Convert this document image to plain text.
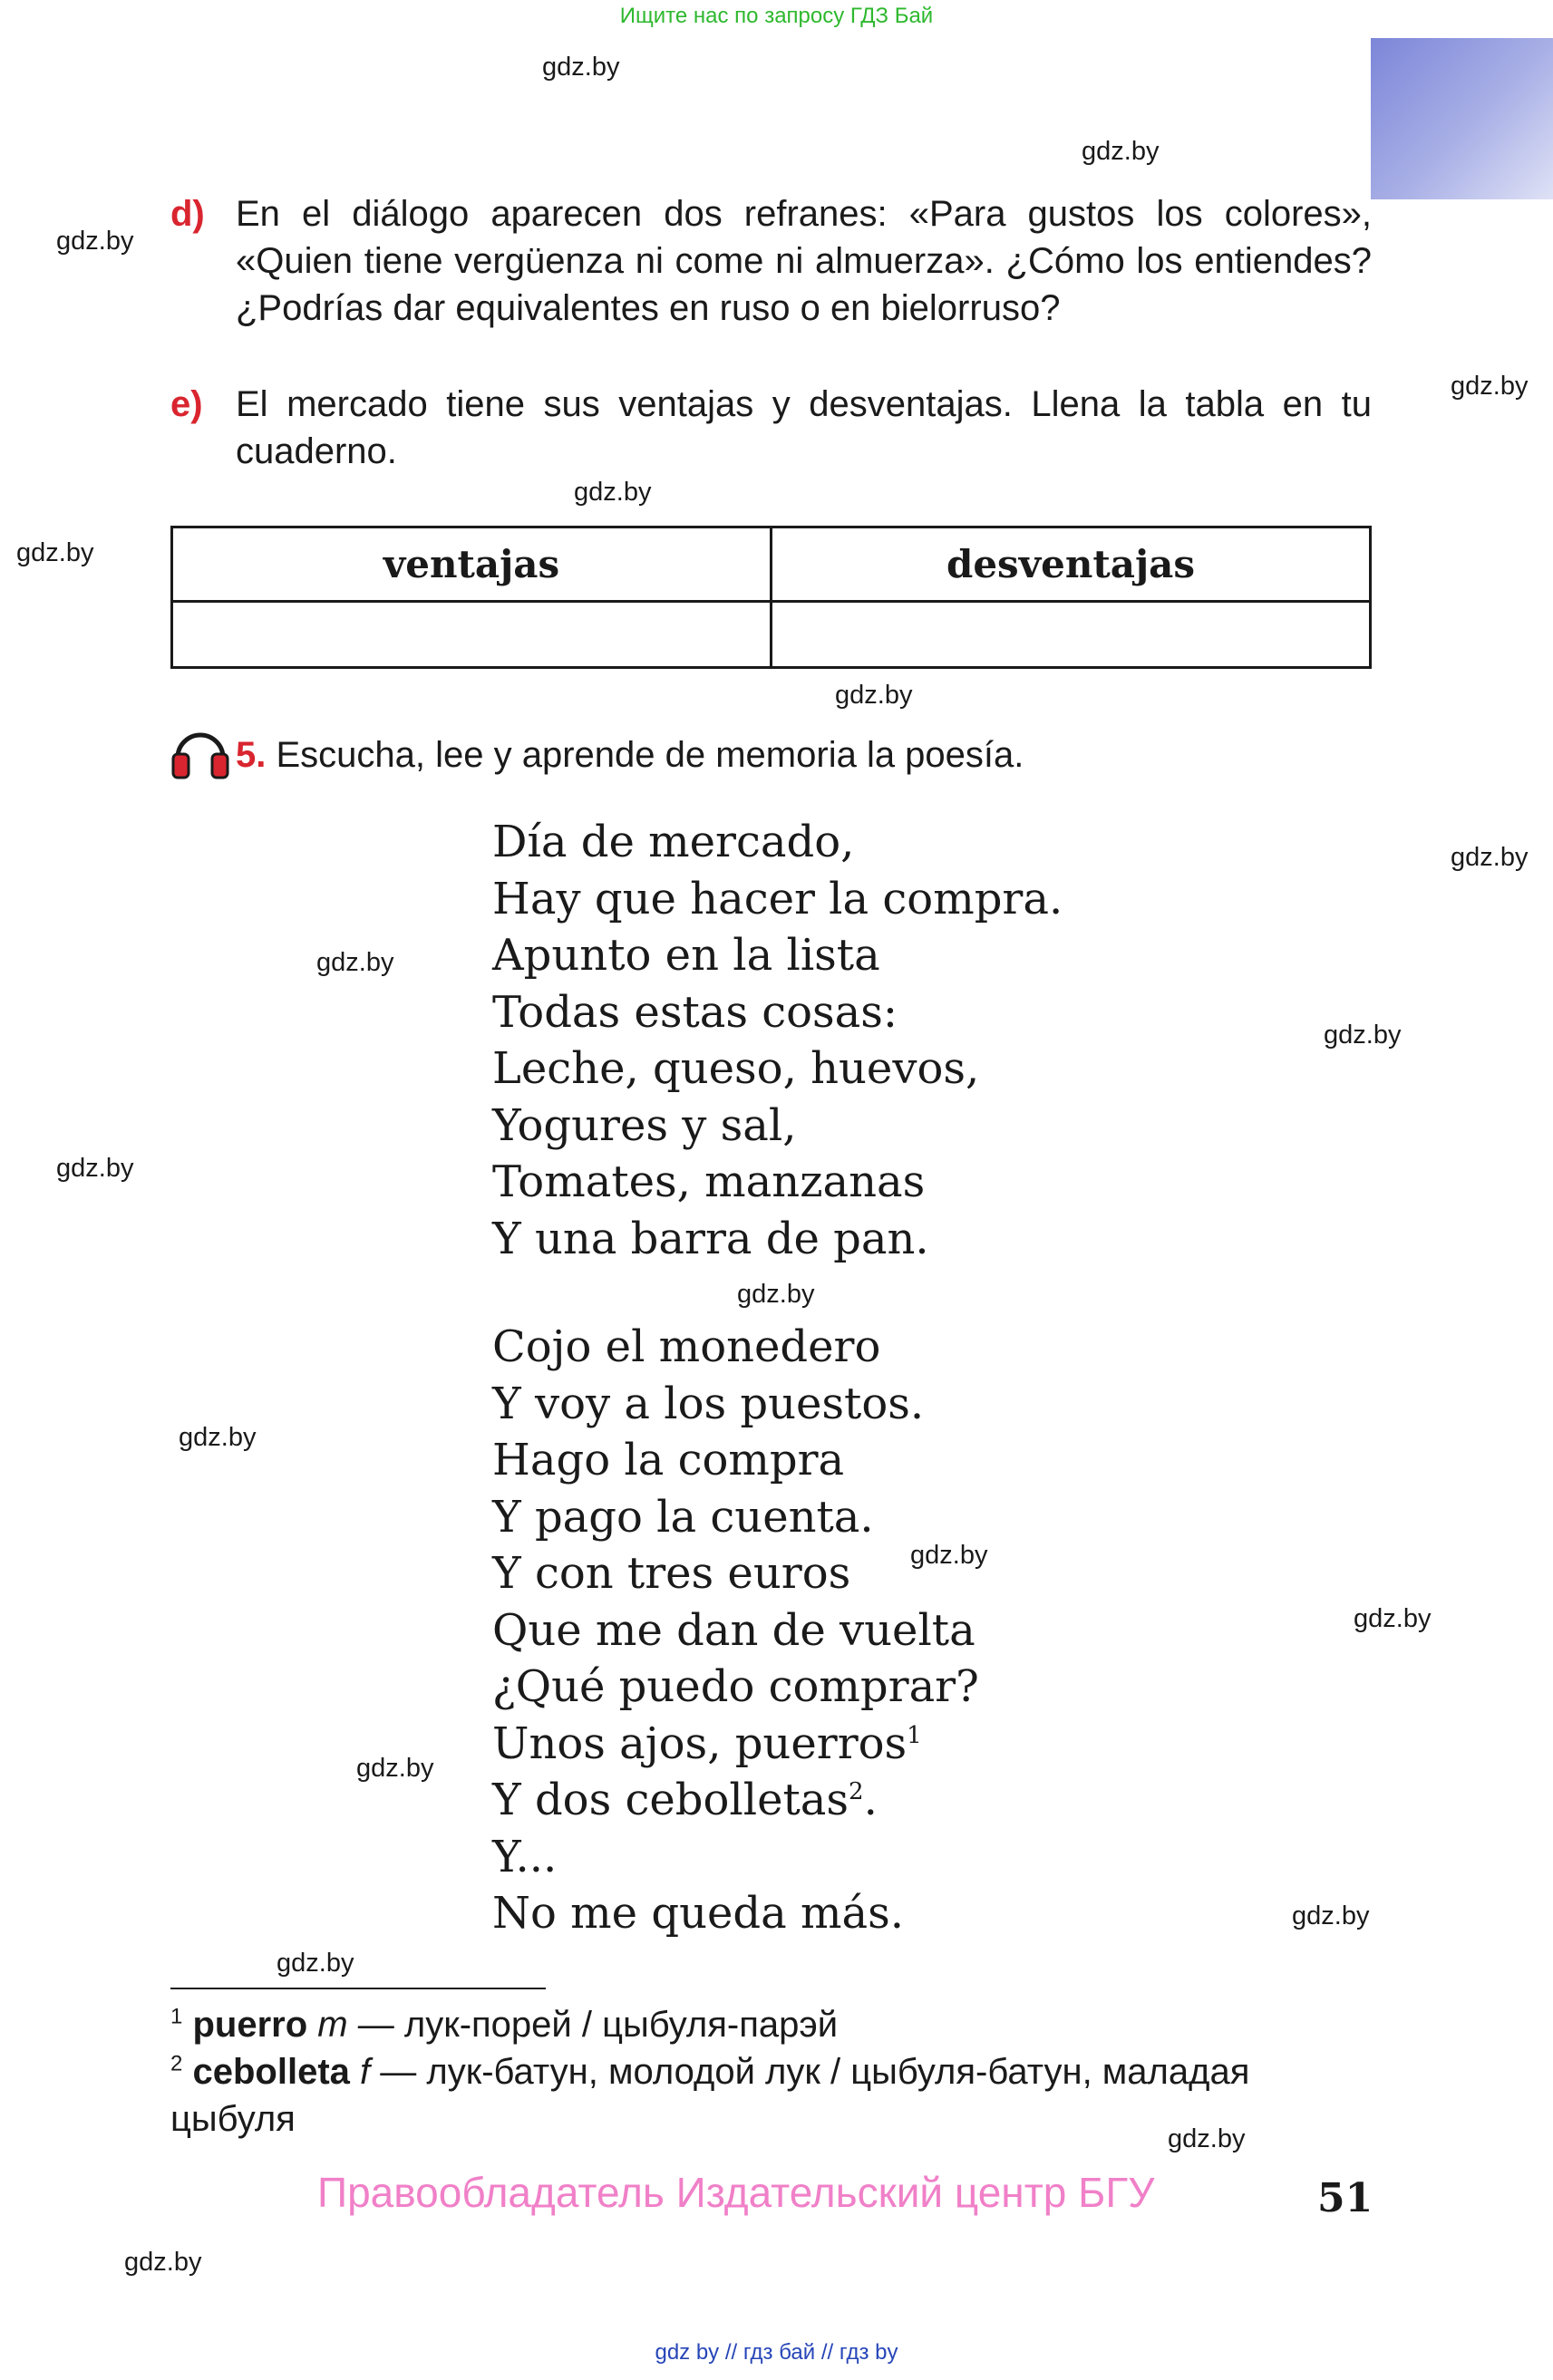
Ищите нас по запросу ГДЗ Бай
gdz.by
gdz.by
gdz.by
gdz.by
gdz.by
gdz.by
gdz.by
gdz.by
gdz.by
gdz.by
gdz.by
gdz.by
gdz.by
gdz.by
gdz.by
gdz.by
gdz.by
gdz.by
gdz.by
gdz.by
d) En el diálogo aparecen dos refranes: «Para gustos los colores», «Quien tiene vergüenza ni come ni almuerza». ¿Cómo los entiendes? ¿Podrías dar equivalentes en ruso o en bielorruso?
e) El mercado tiene sus ventajas y desventajas. Llena la tabla en tu cuaderno.
ventajas	desventajas

5. Escucha, lee y aprende de memoria la poesía.
Día de mercado,
Hay que hacer la compra.
Apunto en la lista
Todas estas cosas:
Leche, queso, huevos,
Yogures y sal,
Tomates, manzanas
Y una barra de pan.
Cojo el monedero
Y voy a los puestos.
Hago la compra
Y pago la cuenta.
Y con tres euros
Que me dan de vuelta
¿Qué puedo comprar?
Unos ajos, puerros$^1$
Y dos cebolletas$^2$.
Y...
No me queda más.
$^1$ puerro m — лук-порей / цыбуля-парэй
$^2$ cebolleta f — лук-батун, молодой лук / цыбуля-батун, маладая цыбуля
Правообладатель Издательский центр БГУ	51
gdz by // гдз бай // гдз by
